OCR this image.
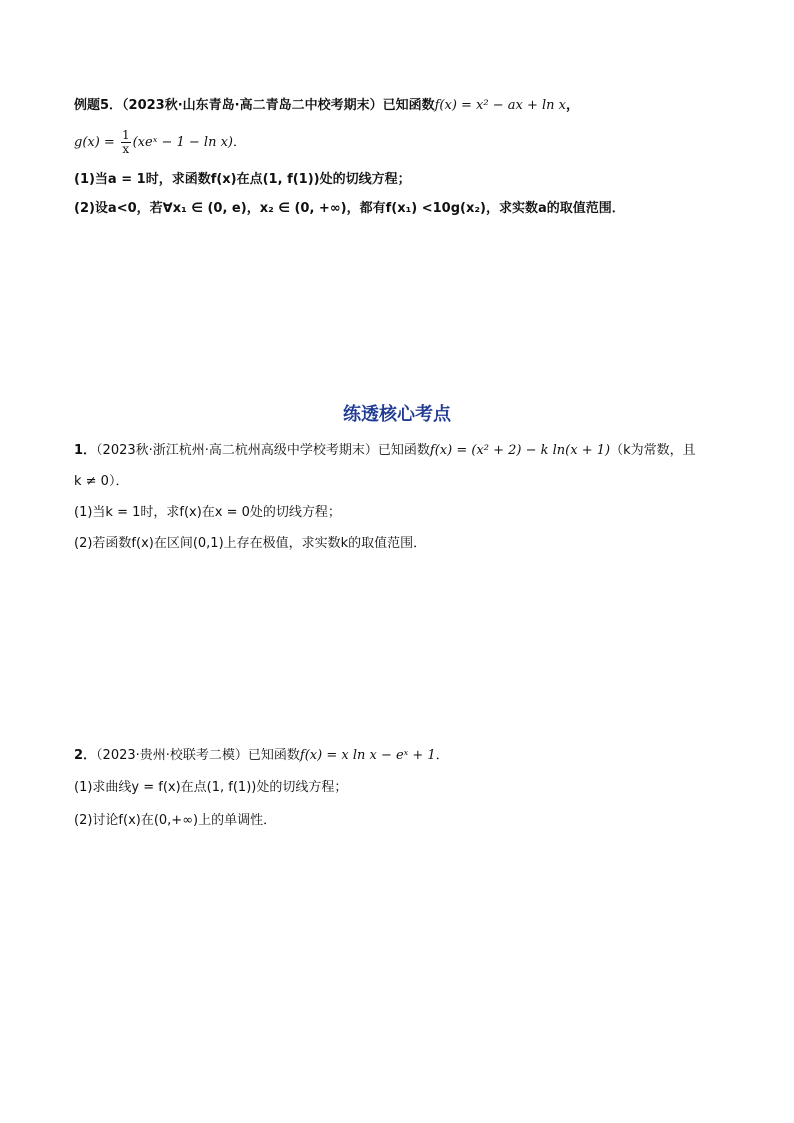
例题5．（2023秋·山东青岛·高二青岛二中校考期末）已知函数f(x) = x² − ax + ln x，
$g(x) = \frac{1}{x}$ (xeˣ − 1 − ln x)．
(1)当a = 1时，求函数f(x)在点(1, f(1))处的切线方程；
(2)设a<0，若∀x₁ ∈ (0, e)，x₂ ∈ (0, +∞)，都有f(x₁) <10g(x₂)，求实数a的取值范围．
练透核心考点
1．（2023秋·浙江杭州·高二杭州高级中学校考期末）已知函数f(x) = (x² + 2) − k ln(x + 1)（k为常数，且
k ≠ 0）．
(1)当k = 1时，求f(x)在x = 0处的切线方程；
(2)若函数f(x)在区间(0,1)上存在极值，求实数k的取值范围．
2．（2023·贵州·校联考二模）已知函数f(x) = x ln x − eˣ + 1．
(1)求曲线y = f(x)在点(1, f(1))处的切线方程；
(2)讨论f(x)在(0,+∞)上的单调性．
